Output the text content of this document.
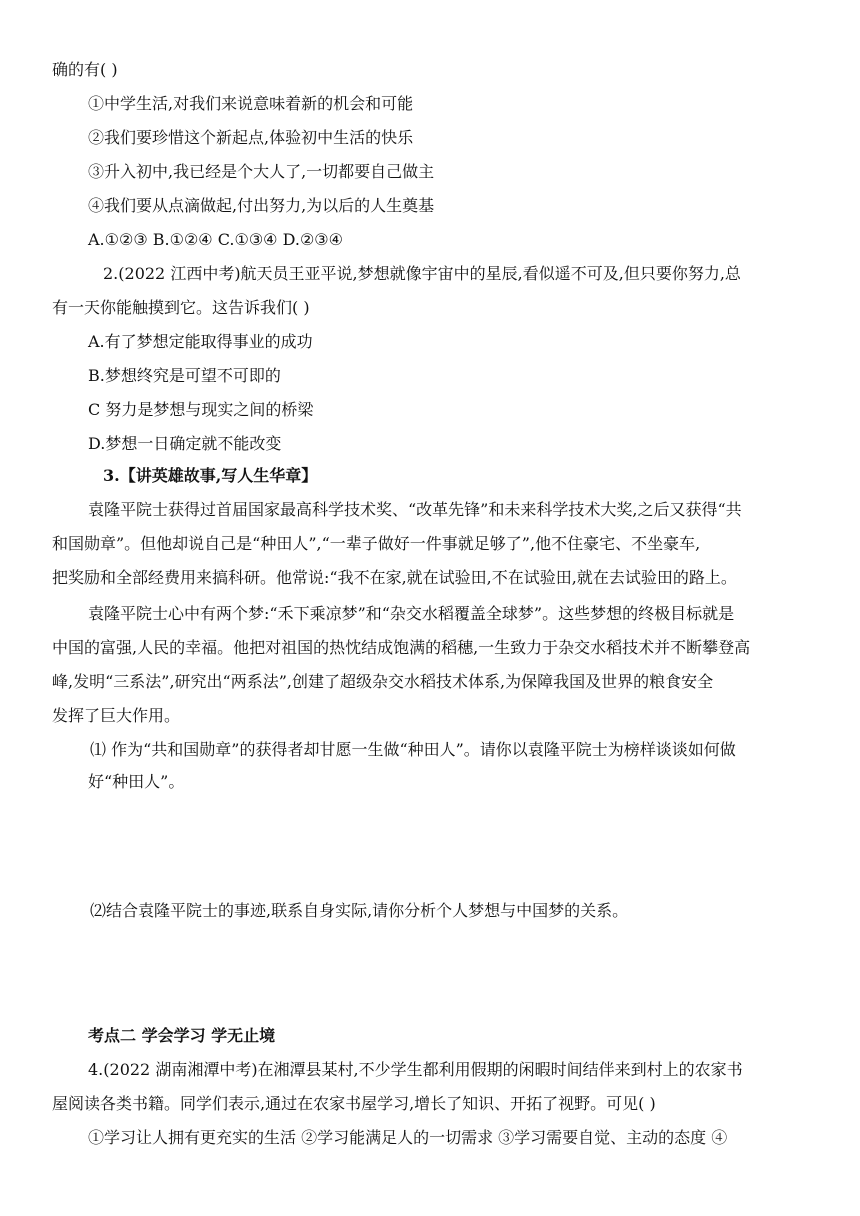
确的有( )
①中学生活,对我们来说意味着新的机会和可能
②我们要珍惜这个新起点,体验初中生活的快乐
③升入初中,我已经是个大人了,一切都要自己做主
④我们要从点滴做起,付出努力,为以后的人生奠基
A.①②③ B.①②④ C.①③④ D.②③④
2.(2022 江西中考)航天员王亚平说,梦想就像宇宙中的星辰,看似遥不可及,但只要你努力,总
有一天你能触摸到它。这告诉我们( )
A.有了梦想定能取得事业的成功
B.梦想终究是可望不可即的
C 努力是梦想与现实之间的桥梁
D.梦想一日确定就不能改变
3.【讲英雄故事,写人生华章】
袁隆平院士获得过首届国家最高科学技术奖、“改革先锋”和未来科学技术大奖,之后又获得“共
和国勋章”。但他却说自己是“种田人”,“一辈子做好一件事就足够了”,他不住豪宅、不坐豪车,
把奖励和全部经费用来搞科研。他常说:“我不在家,就在试验田,不在试验田,就在去试验田的路上。
袁隆平院士心中有两个梦:“禾下乘凉梦”和“杂交水稻覆盖全球梦”。这些梦想的终极目标就是
中国的富强,人民的幸福。他把对祖国的热忱结成饱满的稻穗,一生致力于杂交水稻技术并不断攀登高
峰,发明“三系法”,研究出“两系法”,创建了超级杂交水稻技术体系,为保障我国及世界的粮食安全
发挥了巨大作用。
⑴ 作为“共和国勋章”的获得者却甘愿一生做“种田人”。请你以袁隆平院士为榜样谈谈如何做
好“种田人”。
⑵结合袁隆平院士的事迹,联系自身实际,请你分析个人梦想与中国梦的关系。
考点二 学会学习 学无止境
4.(2022 湖南湘潭中考)在湘潭县某村,不少学生都利用假期的闲暇时间结伴来到村上的农家书
屋阅读各类书籍。同学们表示,通过在农家书屋学习,增长了知识、开拓了视野。可见( )
①学习让人拥有更充实的生活 ②学习能满足人的一切需求 ③学习需要自觉、主动的态度 ④
